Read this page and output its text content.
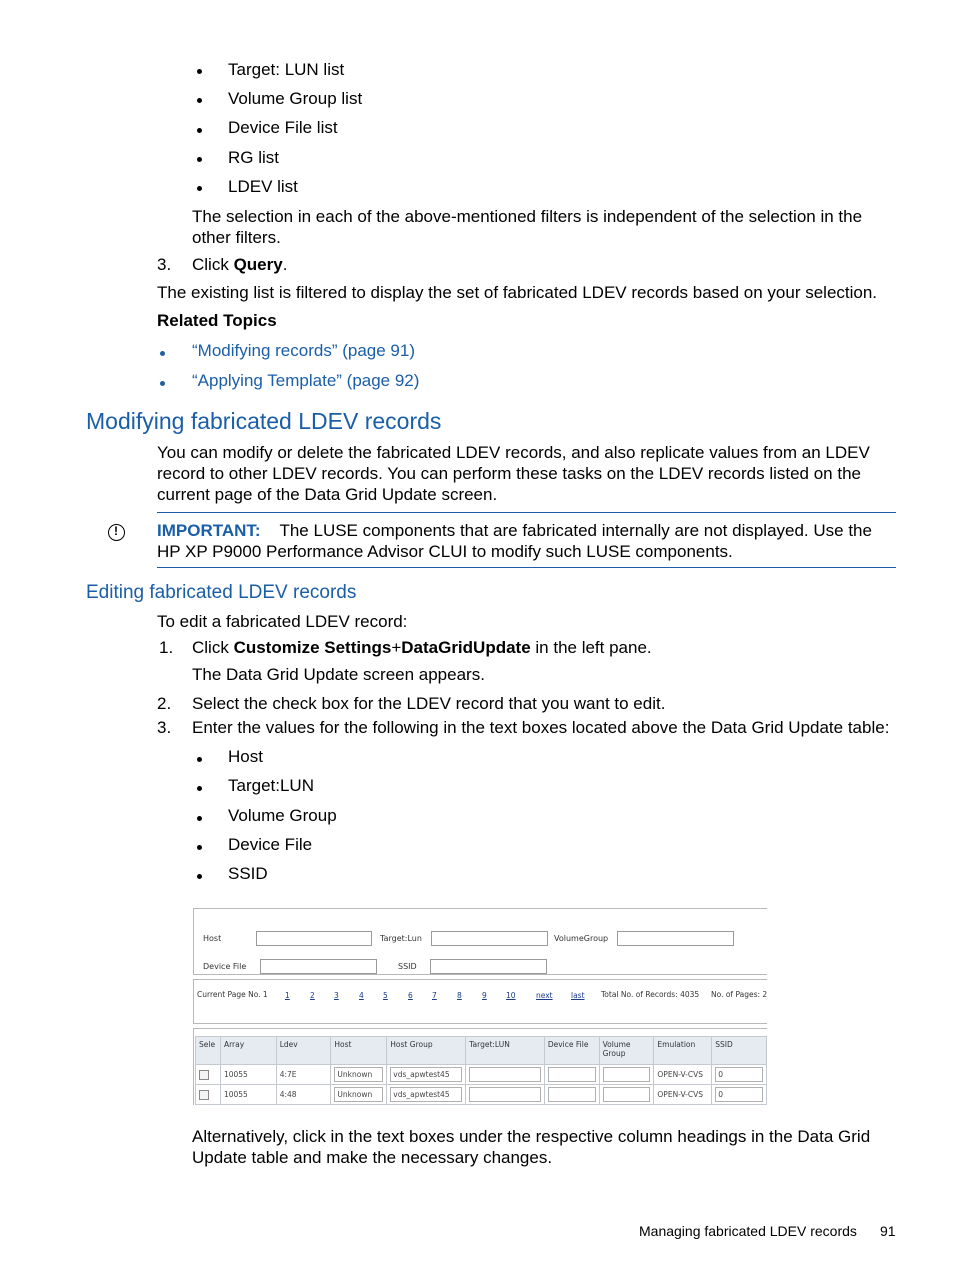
Target: LUN list
Volume Group list
Device File list
RG list
LDEV list
The selection in each of the above-mentioned filters is independent of the selection in the other filters.
3. Click Query.
The existing list is filtered to display the set of fabricated LDEV records based on your selection.
Related Topics
“Modifying records” (page 91)
“Applying Template” (page 92)
Modifying fabricated LDEV records
You can modify or delete the fabricated LDEV records, and also replicate values from an LDEV record to other LDEV records. You can perform these tasks on the LDEV records listed on the current page of the Data Grid Update screen.
!
IMPORTANT: The LUSE components that are fabricated internally are not displayed. Use the HP XP P9000 Performance Advisor CLUI to modify such LUSE components.
Editing fabricated LDEV records
To edit a fabricated LDEV record:
1. Click Customize Settings+DataGridUpdate in the left pane.
The Data Grid Update screen appears.
2. Select the check box for the LDEV record that you want to edit.
3. Enter the values for the following in the text boxes located above the Data Grid Update table:
Host
Target:LUN
Volume Group
Device File
SSID
Host	Target:Lun	VolumeGroup
Device File	SSID
Current Page No. 1 1	2	3	4	5	6	7	8	9	10	next last Total No. of Records: 4035 No. of Pages: 2
Sele	Array	Ldev	Host	Host Group	Target:LUN	Device File	Volume Group	Emulation	SSID

	10055	4:7E	Unknown	vds_apwtest45				OPEN-V-CVS	0

	10055	4:48	Unknown	vds_apwtest45				OPEN-V-CVS	0
Alternatively, click in the text boxes under the respective column headings in the Data Grid Update table and make the necessary changes.
Managing fabricated LDEV records 91
